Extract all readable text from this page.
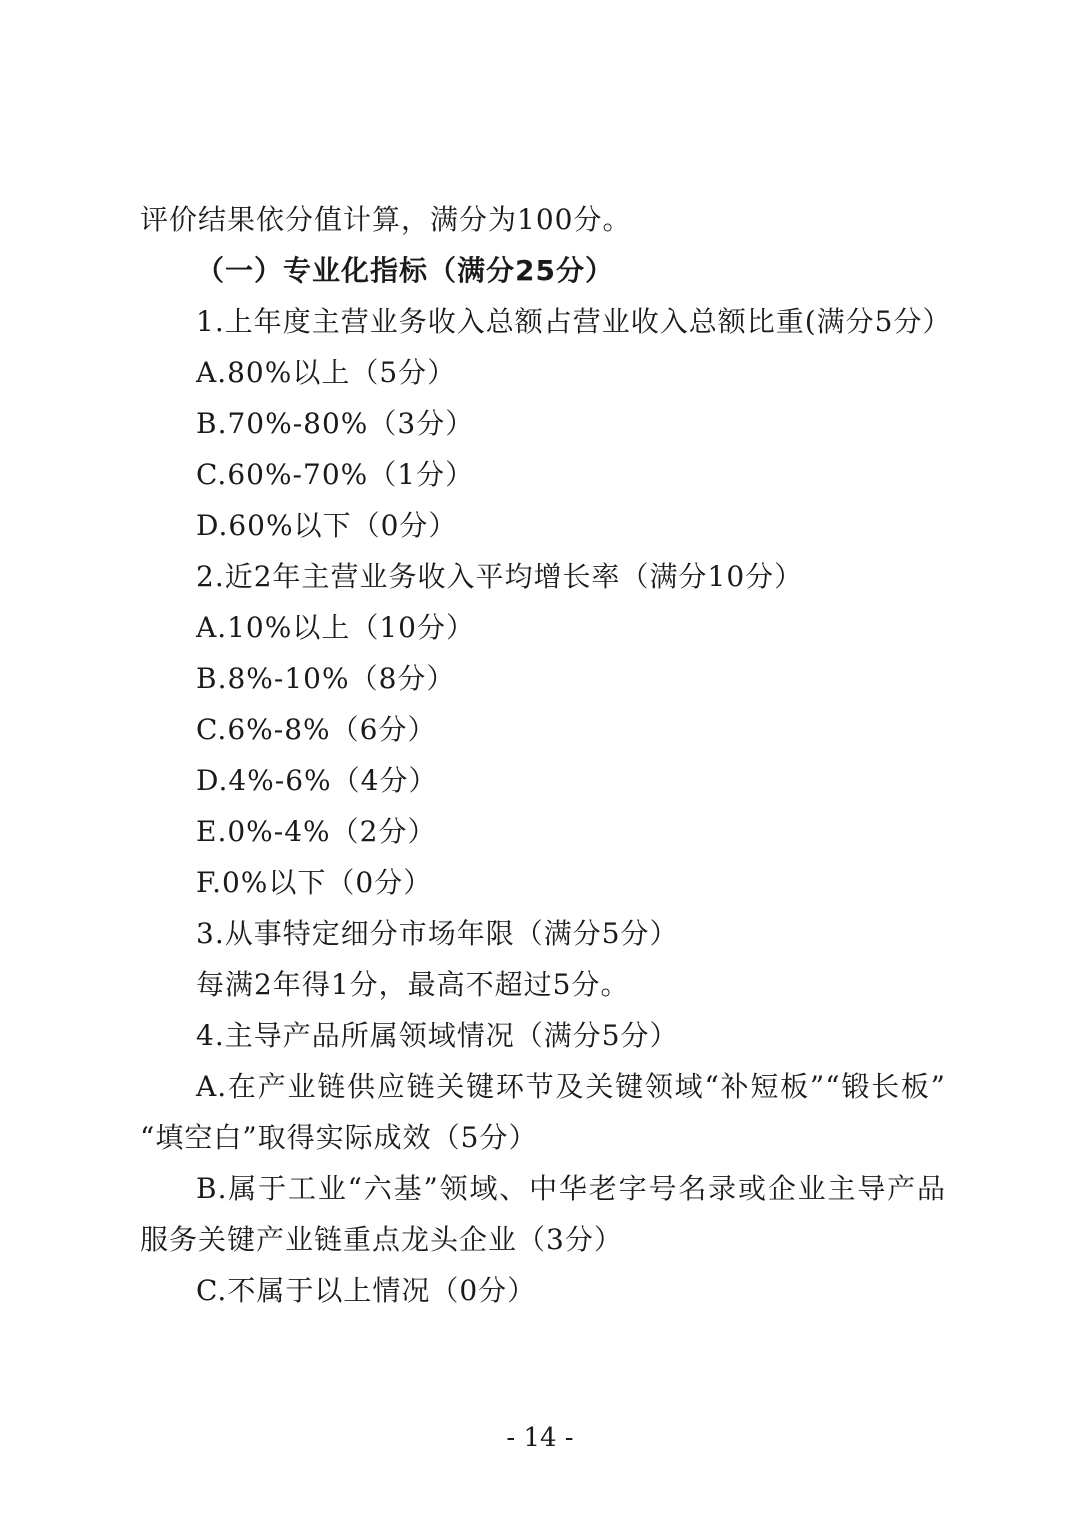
评价结果依分值计算，满分为100分。
（一）专业化指标（满分25分）
1.上年度主营业务收入总额占营业收入总额比重(满分5分）
A.80%以上（5分）
B.70%-80%（3分）
C.60%-70%（1分）
D.60%以下（0分）
2.近2年主营业务收入平均增长率（满分10分）
A.10%以上（10分）
B.8%-10%（8分）
C.6%-8%（6分）
D.4%-6%（4分）
E.0%-4%（2分）
F.0%以下（0分）
3.从事特定细分市场年限（满分5分）
每满2年得1分，最高不超过5分。
4.主导产品所属领域情况（满分5分）
A.在产业链供应链关键环节及关键领域“补短板”“锻长板”
“填空白”取得实际成效（5分）
B.属于工业“六基”领域、中华老字号名录或企业主导产品
服务关键产业链重点龙头企业（3分）
C.不属于以上情况（0分）
- 14 -
